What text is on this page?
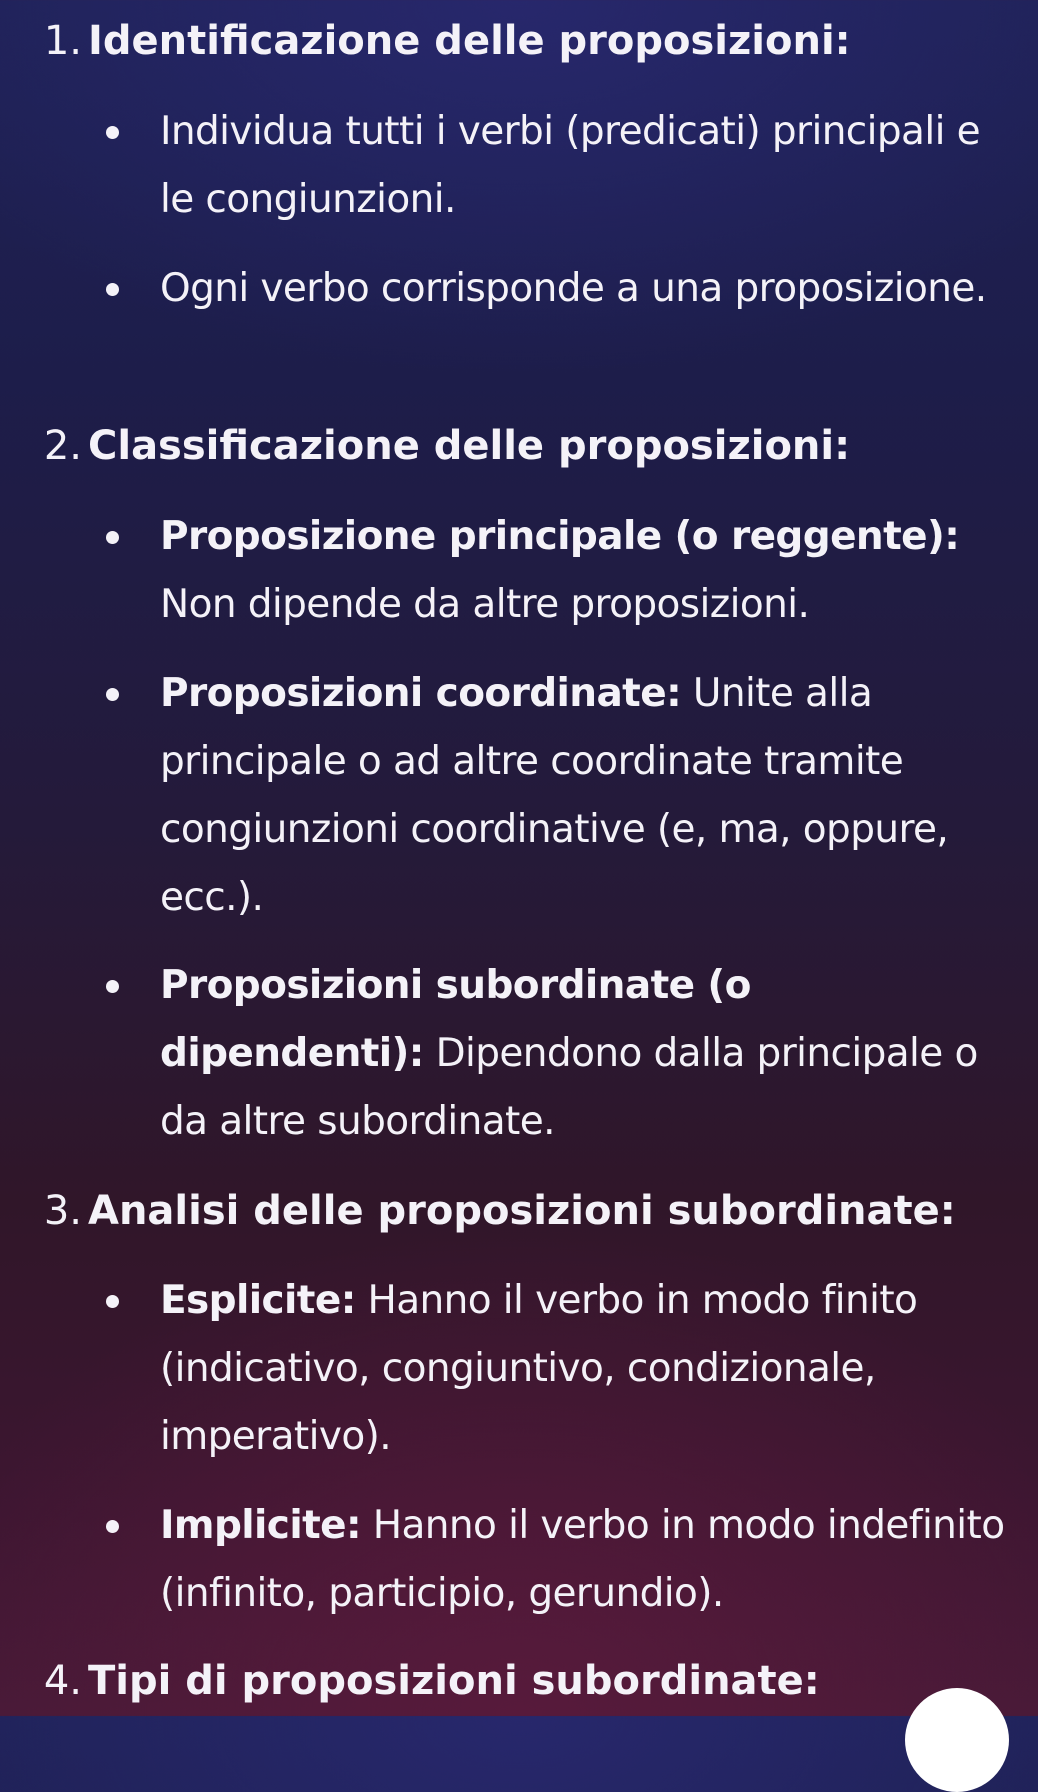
1. Identificazione delle proposizioni:
Individua tutti i verbi (predicati) principali e le congiunzioni.
Ogni verbo corrisponde a una proposizione.
2. Classificazione delle proposizioni:
Proposizione principale (o reggente): Non dipende da altre proposizioni.
Proposizioni coordinate: Unite alla principale o ad altre coordinate tramite congiunzioni coordinative (e, ma, oppure, ecc.).
Proposizioni subordinate (o dipendenti): Dipendono dalla principale o da altre subordinate.
3. Analisi delle proposizioni subordinate:
Esplicite: Hanno il verbo in modo finito (indicativo, congiuntivo, condizionale, imperativo).
Implicite: Hanno il verbo in modo indefinito (infinito, participio, gerundio).
4. Tipi di proposizioni subordinate:
